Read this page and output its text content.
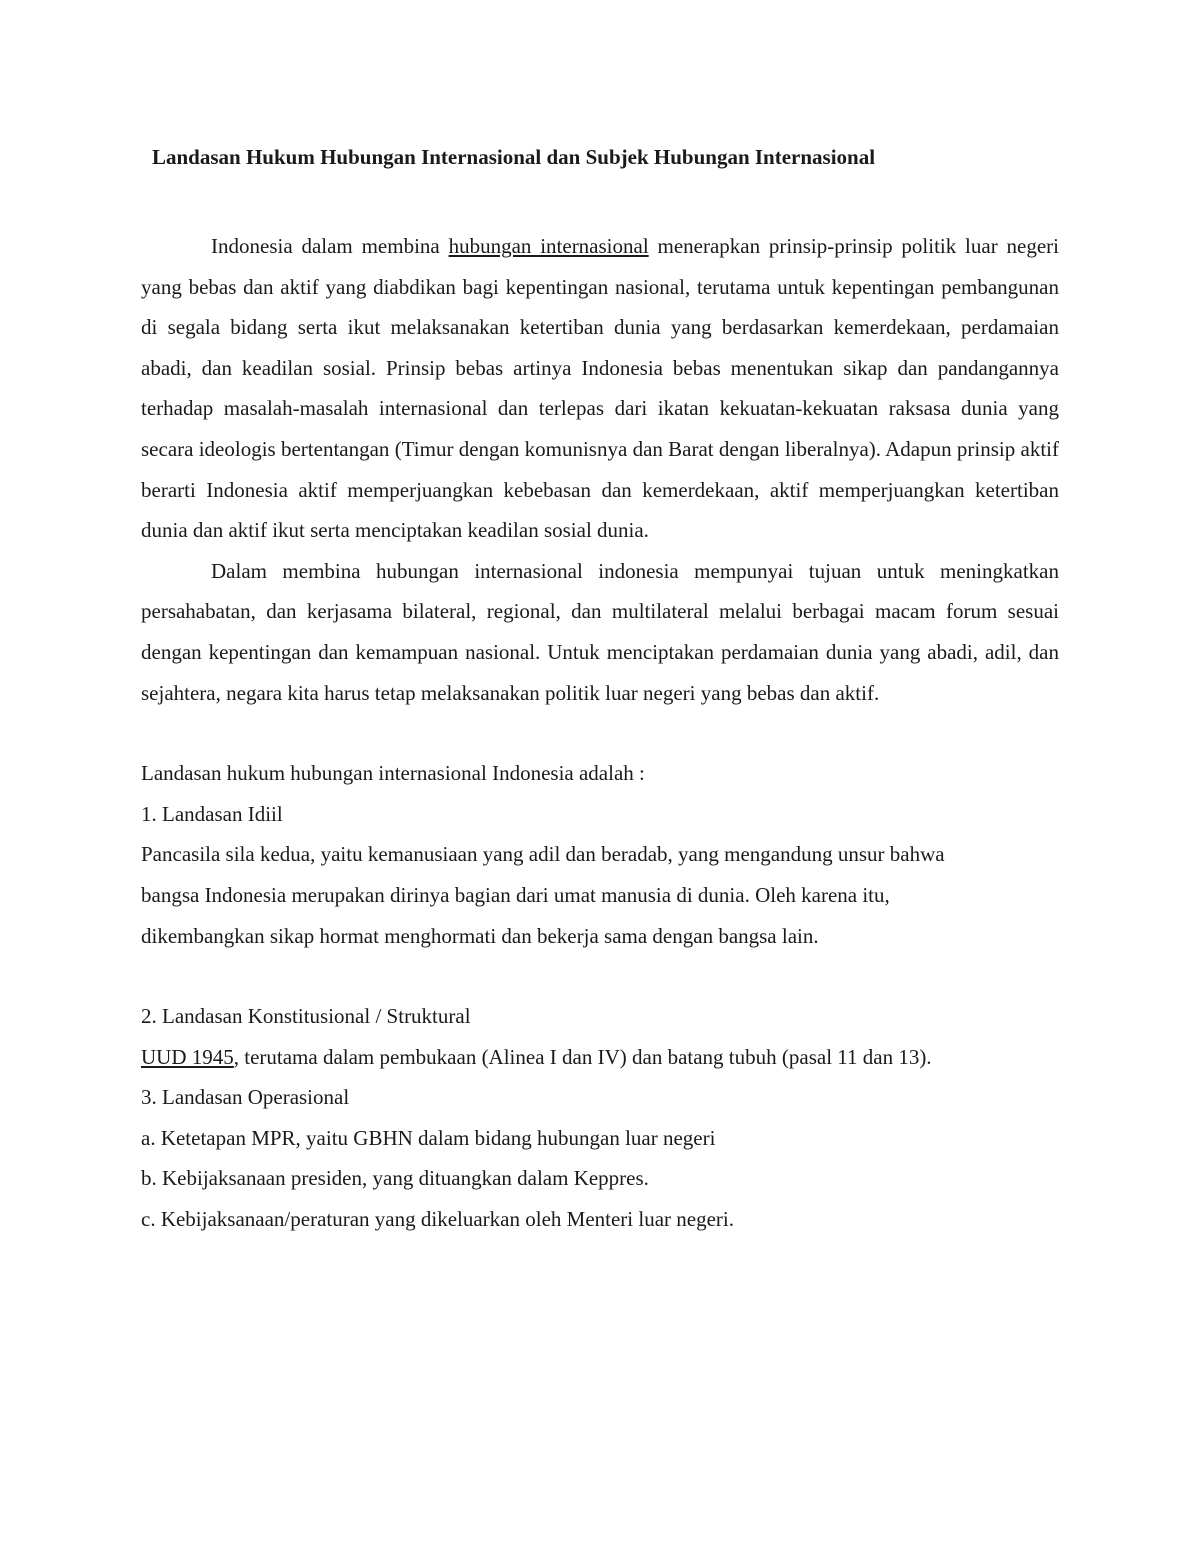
Landasan Hukum Hubungan Internasional dan Subjek Hubungan Internasional

Indonesia dalam membina hubungan internasional menerapkan prinsip-prinsip politik luar negeri yang bebas dan aktif yang diabdikan bagi kepentingan nasional, terutama untuk kepentingan pembangunan di segala bidang serta ikut melaksanakan ketertiban dunia yang berdasarkan kemerdekaan, perdamaian abadi, dan keadilan sosial. Prinsip bebas artinya Indonesia bebas menentukan sikap dan pandangannya terhadap masalah-masalah internasional dan terlepas dari ikatan kekuatan-kekuatan raksasa dunia yang secara ideologis bertentangan (Timur dengan komunisnya dan Barat dengan liberalnya). Adapun prinsip aktif berarti Indonesia aktif memperjuangkan kebebasan dan kemerdekaan, aktif memperjuangkan ketertiban dunia dan aktif ikut serta menciptakan keadilan sosial dunia.

Dalam membina hubungan internasional indonesia mempunyai tujuan untuk meningkatkan persahabatan, dan kerjasama bilateral, regional, dan multilateral melalui berbagai macam forum sesuai dengan kepentingan dan kemampuan nasional. Untuk menciptakan perdamaian dunia yang abadi, adil, dan sejahtera, negara kita harus tetap melaksanakan politik luar negeri yang bebas dan aktif.

Landasan hukum hubungan internasional Indonesia adalah :

1. Landasan Idiil

Pancasila sila kedua, yaitu kemanusiaan yang adil dan beradab, yang mengandung unsur bahwa

bangsa Indonesia merupakan dirinya bagian dari umat manusia di dunia. Oleh karena itu,

dikembangkan sikap hormat menghormati dan bekerja sama dengan bangsa lain.

2. Landasan Konstitusional / Struktural

UUD 1945, terutama dalam pembukaan (Alinea I dan IV) dan batang tubuh (pasal 11 dan 13).

3. Landasan Operasional

a. Ketetapan MPR, yaitu GBHN dalam bidang hubungan luar negeri

b. Kebijaksanaan presiden, yang dituangkan dalam Keppres.

c. Kebijaksanaan/peraturan yang dikeluarkan oleh Menteri luar negeri.
